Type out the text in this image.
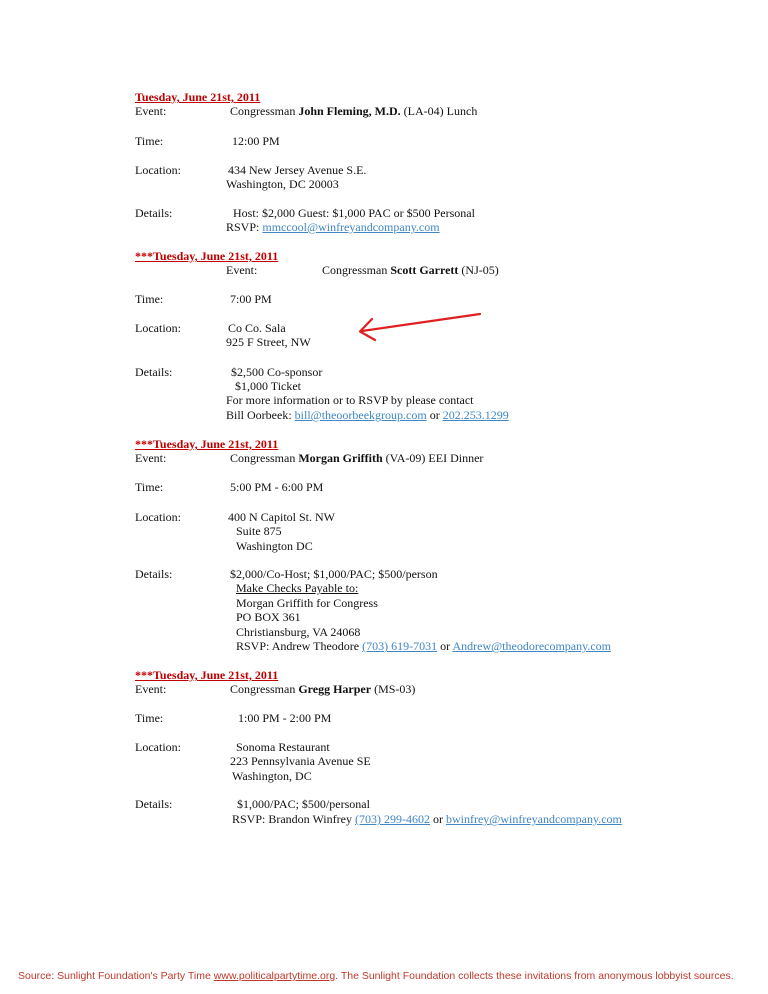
Tuesday, June 21st, 2011
Event:	Congressman John Fleming, M.D. (LA-04) Lunch
Time:	12:00 PM
Location:	434 New Jersey Avenue S.E.
Washington, DC 20003
Details:	Host: $2,000 Guest: $1,000 PAC or $500 Personal
RSVP: mmccool@winfreyandcompany.com
***Tuesday, June 21st, 2011
Event:	Congressman Scott Garrett (NJ-05)
Time:	7:00 PM
Location:	Co Co. Sala
925 F Street, NW
Details:	$2,500 Co-sponsor
$1,000 Ticket
For more information or to RSVP by please contact
Bill Oorbeek: bill@theoorbeekgroup.com or 202.253.1299
***Tuesday, June 21st, 2011
Event:	Congressman Morgan Griffith (VA-09) EEI Dinner
Time:	5:00 PM - 6:00 PM
Location:	400 N Capitol St. NW
Suite 875
Washington DC
Details:	$2,000/Co-Host; $1,000/PAC; $500/person
Make Checks Payable to:
Morgan Griffith for Congress
PO BOX 361
Christiansburg, VA 24068
RSVP: Andrew Theodore (703) 619-7031 or Andrew@theodorecompany.com
***Tuesday, June 21st, 2011
Event:	Congressman Gregg Harper (MS-03)
Time:	1:00 PM - 2:00 PM
Location:	Sonoma Restaurant
223 Pennsylvania Avenue SE
Washington, DC
Details:	$1,000/PAC; $500/personal
RSVP: Brandon Winfrey (703) 299-4602 or bwinfrey@winfreyandcompany.com
Source: Sunlight Foundation's Party Time www.politicalpartytime.org. The Sunlight Foundation collects these invitations from anonymous lobbyist sources.
